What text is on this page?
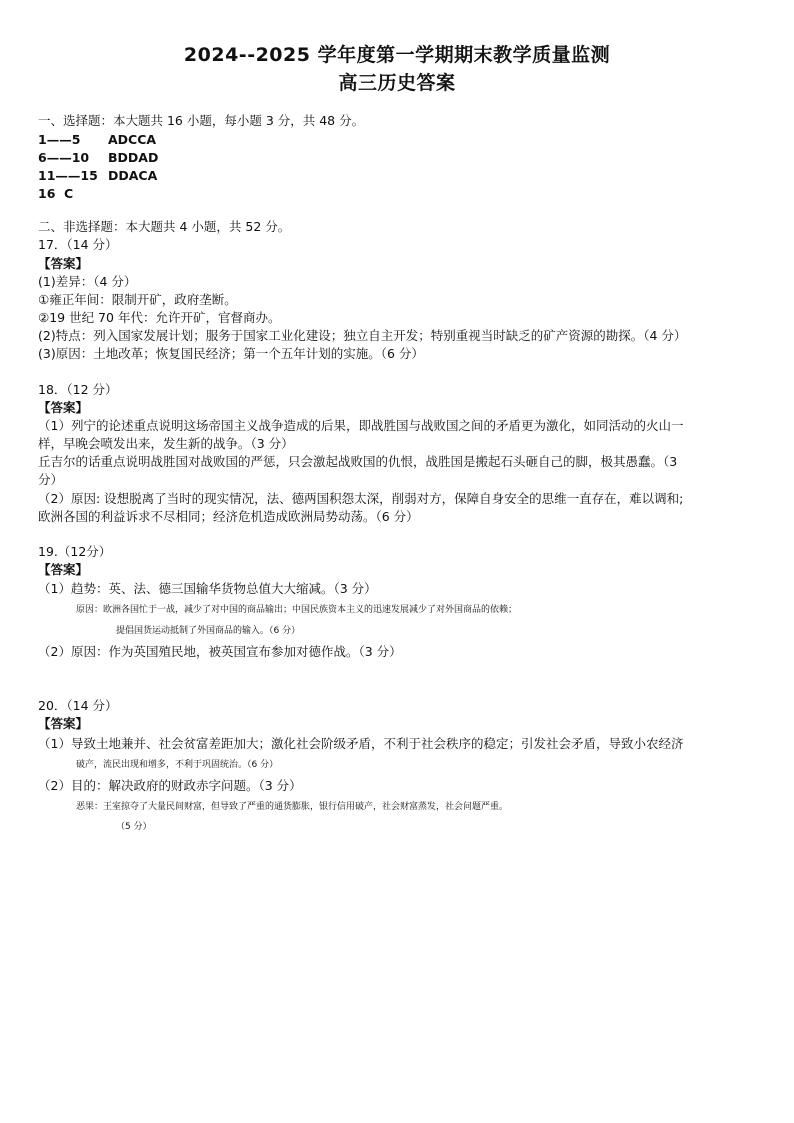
2024--2025 学年度第一学期期末教学质量监测
高三历史答案
一、选择题：本大题共 16 小题，每小题 3 分，共 48 分。
1——5 ADCCA
6——10 BDDAD
11——15 DDACA
16 C
二、非选择题：本大题共 4 小题，共 52 分。
17．（14 分）
【答案】
(1)差异：（4 分）
①雍正年间：限制开矿，政府垄断。
②19 世纪 70 年代：允许开矿，官督商办。
(2)特点：列入国家发展计划；服务于国家工业化建设；独立自主开发；特别重视当时缺乏的矿产资源的勘探。（4 分）
(3)原因：土地改革；恢复国民经济；第一个五年计划的实施。（6 分）
18．（12 分）
【答案】
（1）列宁的论述重点说明这场帝国主义战争造成的后果，即战胜国与战败国之间的矛盾更为激化，如同活动的火山一
样，早晚会喷发出来，发生新的战争。（3 分）
丘吉尔的话重点说明战胜国对战败国的严惩，只会激起战败国的仇恨，战胜国是搬起石头砸自己的脚，极其愚蠢。（3
分）
（2）原因: 设想脱离了当时的现实情况，法、德两国积怨太深，削弱对方，保障自身安全的思维一直存在，难以调和;
欧洲各国的利益诉求不尽相同；经济危机造成欧洲局势动荡。（6 分）
19.（12分）
【答案】
（1）趋势：英、法、德三国输华货物总值大大缩减。（3 分）
原因：欧洲各国忙于一战，减少了对中国的商品输出；中国民族资本主义的迅速发展减少了对外国商品的依赖；
提倡国货运动抵制了外国商品的输入。（6 分）
（2）原因：作为英国殖民地，被英国宣布参加对德作战。（3 分）
20．（14 分）
【答案】
（1）导致土地兼并、社会贫富差距加大；激化社会阶级矛盾，不利于社会秩序的稳定；引发社会矛盾，导致小农经济
破产，流民出现和增多，不利于巩固统治。（6 分）
（2）目的：解决政府的财政赤字问题。（3 分）
恶果：王室掠夺了大量民间财富，但导致了严重的通货膨胀，银行信用破产，社会财富蒸发，社会问题严重。
（5 分）
